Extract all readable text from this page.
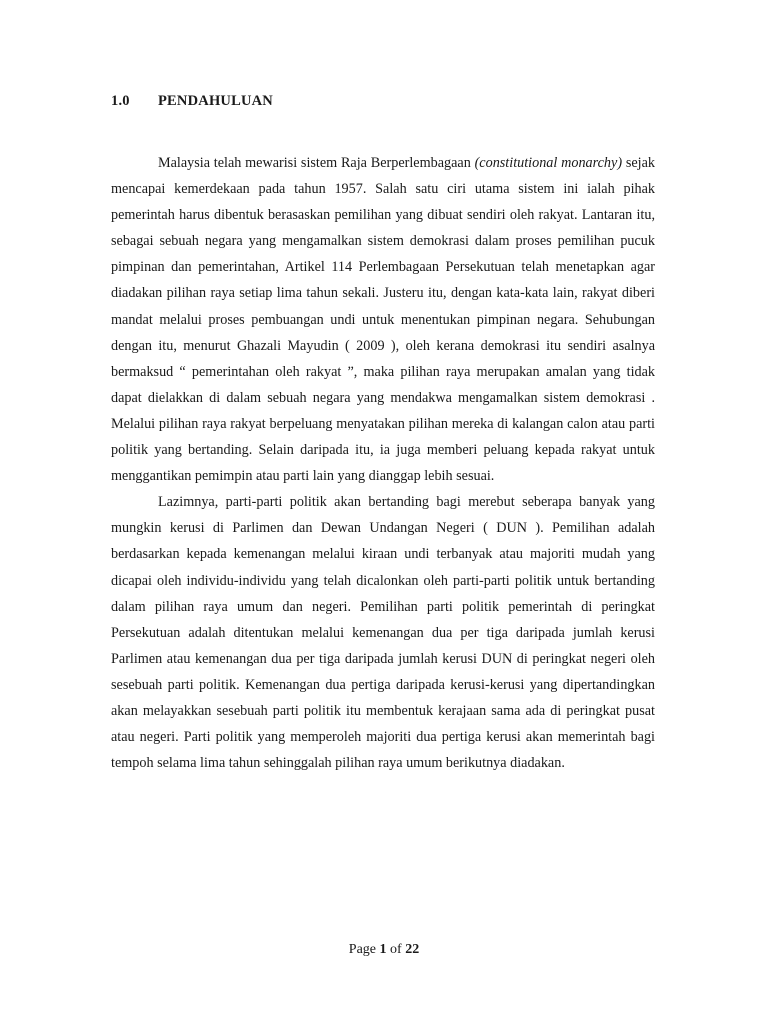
1.0 PENDAHULUAN

Malaysia telah mewarisi sistem Raja Berperlembagaan (constitutional monarchy) sejak mencapai kemerdekaan pada tahun 1957. Salah satu ciri utama sistem ini ialah pihak pemerintah harus dibentuk berasaskan pemilihan yang dibuat sendiri oleh rakyat. Lantaran itu, sebagai sebuah negara yang mengamalkan sistem demokrasi dalam proses pemilihan pucuk pimpinan dan pemerintahan, Artikel 114 Perlembagaan Persekutuan telah menetapkan agar diadakan pilihan raya setiap lima tahun sekali. Justeru itu, dengan kata-kata lain, rakyat diberi mandat melalui proses pembuangan undi untuk menentukan pimpinan negara. Sehubungan dengan itu, menurut Ghazali Mayudin ( 2009 ), oleh kerana demokrasi itu sendiri asalnya bermaksud “ pemerintahan oleh rakyat ”, maka pilihan raya merupakan amalan yang tidak dapat dielakkan di dalam sebuah negara yang mendakwa mengamalkan sistem demokrasi . Melalui pilihan raya rakyat berpeluang menyatakan pilihan mereka di kalangan calon atau parti politik yang bertanding. Selain daripada itu, ia juga memberi peluang kepada rakyat untuk menggantikan pemimpin atau parti lain yang dianggap lebih sesuai.

Lazimnya, parti-parti politik akan bertanding bagi merebut seberapa banyak yang mungkin kerusi di Parlimen dan Dewan Undangan Negeri ( DUN ). Pemilihan adalah berdasarkan kepada kemenangan melalui kiraan undi terbanyak atau majoriti mudah yang dicapai oleh individu-individu yang telah dicalonkan oleh parti-parti politik untuk bertanding dalam pilihan raya umum dan negeri. Pemilihan parti politik pemerintah di peringkat Persekutuan adalah ditentukan melalui kemenangan dua per tiga daripada jumlah kerusi Parlimen atau kemenangan dua per tiga daripada jumlah kerusi DUN di peringkat negeri oleh sesebuah parti politik. Kemenangan dua pertiga daripada kerusi-kerusi yang dipertandingkan akan melayakkan sesebuah parti politik itu membentuk kerajaan sama ada di peringkat pusat atau negeri. Parti politik yang memperoleh majoriti dua pertiga kerusi akan memerintah bagi tempoh selama lima tahun sehinggalah pilihan raya umum berikutnya diadakan.

Page 1 of 22
